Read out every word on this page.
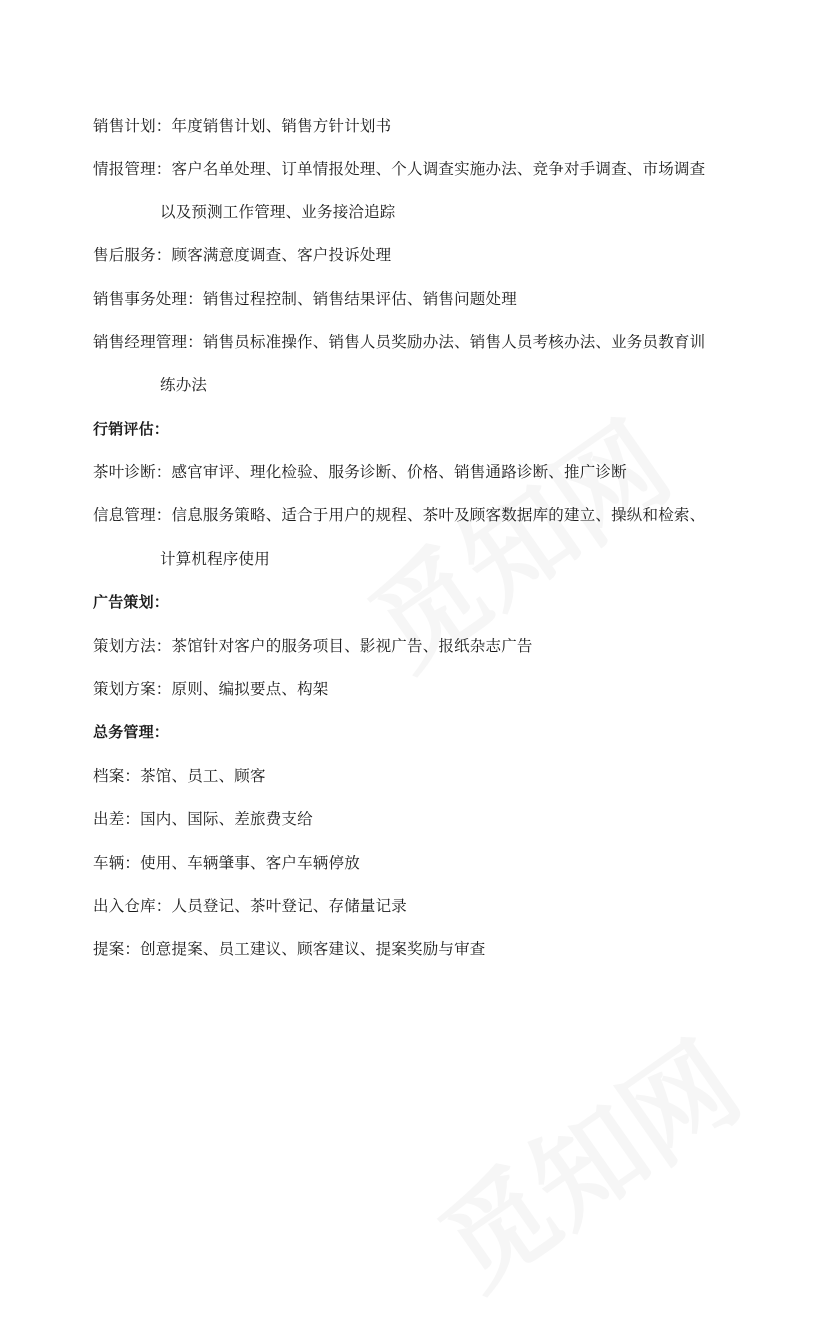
销售计划：年度销售计划、销售方针计划书
情报管理：客户名单处理、订单情报处理、个人调查实施办法、竞争对手调查、市场调查
以及预测工作管理、业务接洽追踪
售后服务：顾客满意度调查、客户投诉处理
销售事务处理：销售过程控制、销售结果评估、销售问题处理
销售经理管理：销售员标准操作、销售人员奖励办法、销售人员考核办法、业务员教育训
练办法
行销评估：
茶叶诊断：感官审评、理化检验、服务诊断、价格、销售通路诊断、推广诊断
信息管理：信息服务策略、适合于用户的规程、茶叶及顾客数据库的建立、操纵和检索、
计算机程序使用
广告策划：
策划方法：茶馆针对客户的服务项目、影视广告、报纸杂志广告
策划方案：原则、编拟要点、构架
总务管理：
档案：茶馆、员工、顾客
出差：国内、国际、差旅费支给
车辆：使用、车辆肇事、客户车辆停放
出入仓库：人员登记、茶叶登记、存储量记录
提案：创意提案、员工建议、顾客建议、提案奖励与审查
